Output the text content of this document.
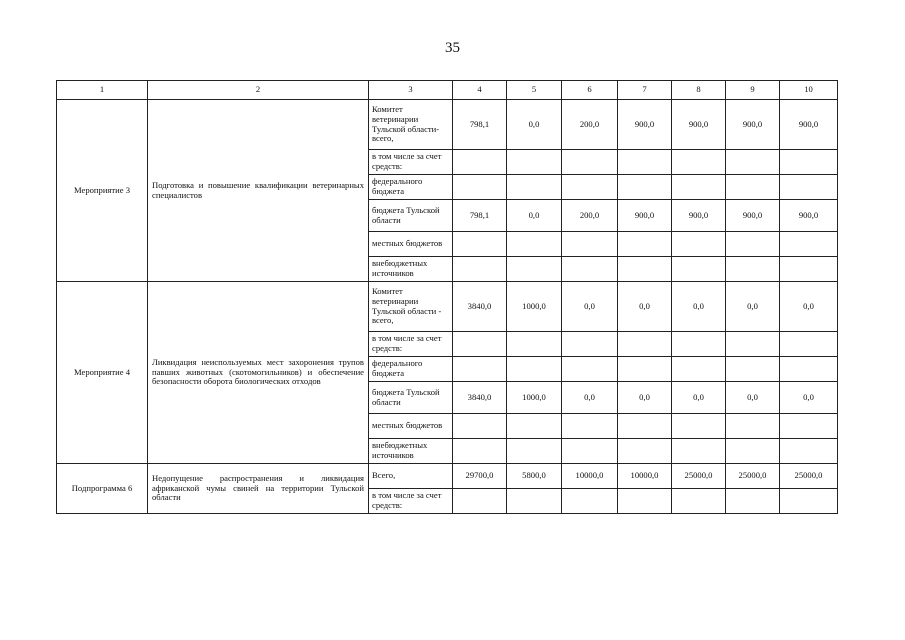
35
1	2	3	4	5	6	7	8	9	10
Мероприятие 3	Подготовка и повышение квалификации ветеринарных специалистов	Комитет ветеринарии Тульской области- всего,	798,1	0,0	200,0	900,0	900,0	900,0	900,0
		в том числе за счет средств:							
		федерального бюджета							
		бюджета Тульской области	798,1	0,0	200,0	900,0	900,0	900,0	900,0
		местных бюджетов							
		внебюджетных источников							
Мероприятие 4	Ликвидация неиспользуемых мест захоронения трупов павших животных (скотомогильников) и обеспечение безопасности оборота биологических отходов	Комитет ветеринарии Тульской области - всего,	3840,0	1000,0	0,0	0,0	0,0	0,0	0,0
		в том числе за счет средств:							
		федерального бюджета							
		бюджета Тульской области	3840,0	1000,0	0,0	0,0	0,0	0,0	0,0
		местных бюджетов							
		внебюджетных источников							
Подпрограмма 6	Недопущение распространения и ликвидация африканской чумы свиней на территории Тульской области	Всего,	29700,0	5800,0	10000,0	10000,0	25000,0	25000,0	25000,0
		в том числе за счет средств:							
